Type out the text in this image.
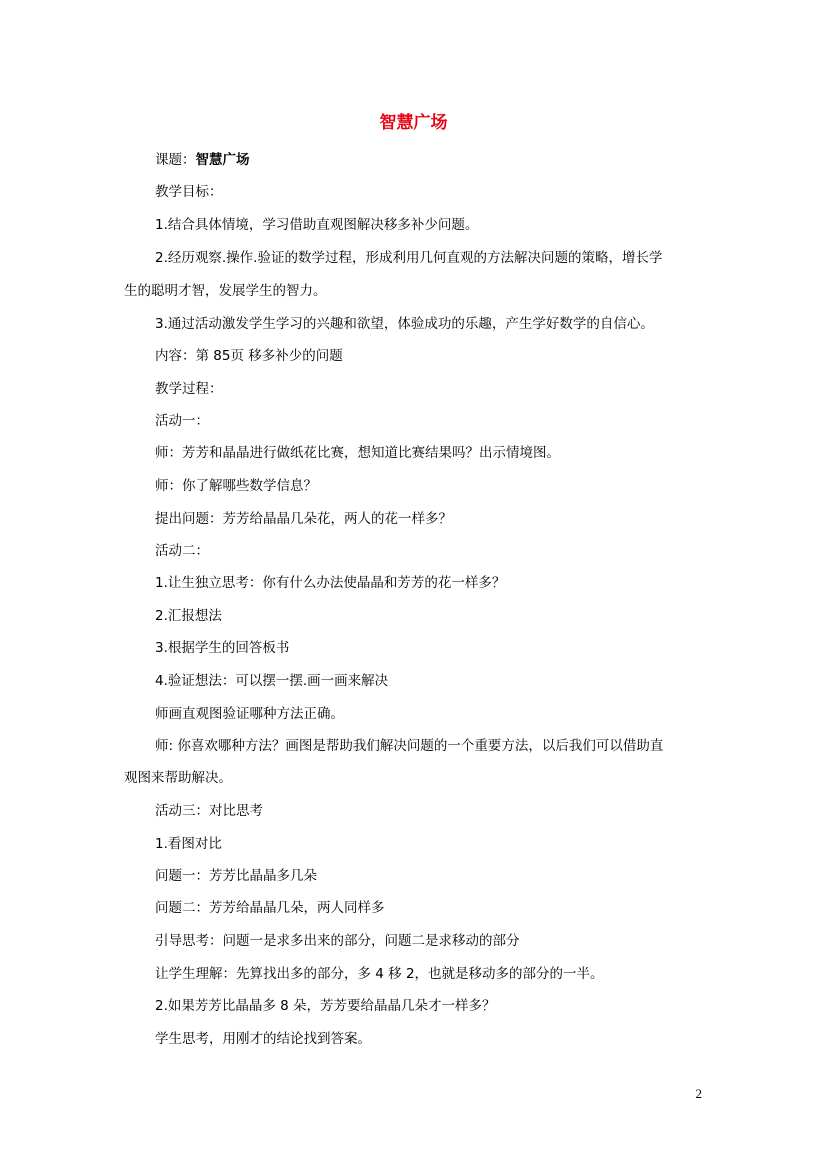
智慧广场

课题：智慧广场

教学目标：

1.结合具体情境，学习借助直观图解决移多补少问题。

2.经历观察.操作.验证的数学过程，形成利用几何直观的方法解决问题的策略，增长学

生的聪明才智，发展学生的智力。

3.通过活动激发学生学习的兴趣和欲望，体验成功的乐趣，产生学好数学的自信心。

内容：第 85页 移多补少的问题

教学过程：

活动一：

师：芳芳和晶晶进行做纸花比赛，想知道比赛结果吗？出示情境图。

师：你了解哪些数学信息？

提出问题：芳芳给晶晶几朵花，两人的花一样多？

活动二：

1.让生独立思考：你有什么办法使晶晶和芳芳的花一样多？

2.汇报想法

3.根据学生的回答板书

4.验证想法：可以摆一摆.画一画来解决

师画直观图验证哪种方法正确。

师: 你喜欢哪种方法？画图是帮助我们解决问题的一个重要方法，以后我们可以借助直

观图来帮助解决。

活动三：对比思考

1.看图对比

问题一：芳芳比晶晶多几朵

问题二：芳芳给晶晶几朵，两人同样多

引导思考：问题一是求多出来的部分，问题二是求移动的部分

让学生理解：先算找出多的部分，多 4 移 2，也就是移动多的部分的一半。

2.如果芳芳比晶晶多 8 朵，芳芳要给晶晶几朵才一样多？

学生思考，用刚才的结论找到答案。

2
